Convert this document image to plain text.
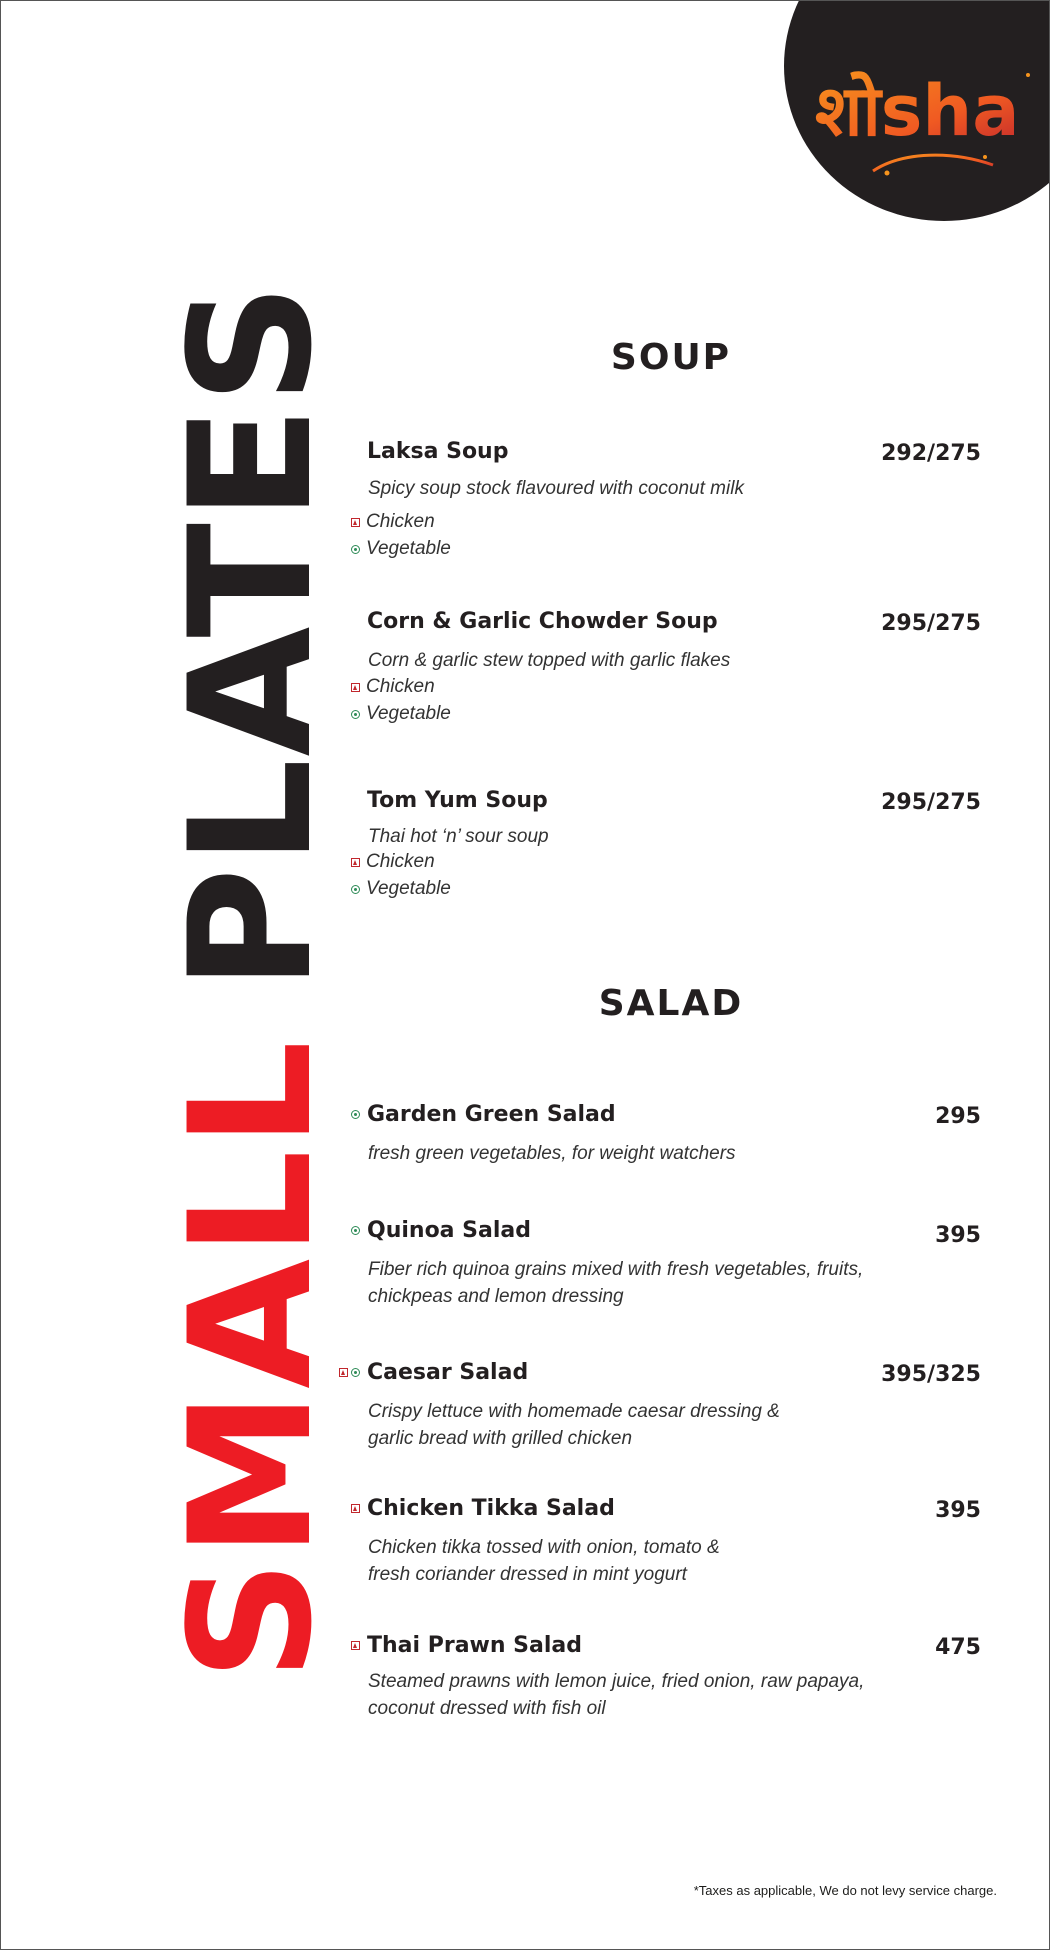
शोsha
SMALLPLATES	SOUP
Laksa Soup	292/275
Spicy soup stock flavoured with coconut milk
Chicken
Vegetable
Corn & Garlic Chowder Soup	295/275
Corn & garlic stew topped with garlic flakes
Chicken
Vegetable
Tom Yum Soup	295/275
Thai hot ‘n’ sour soup
Chicken
Vegetable
SALAD
Garden Green Salad	295
fresh green vegetables, for weight watchers
Quinoa Salad	395
Fiber rich quinoa grains mixed with fresh vegetables, fruits,
chickpeas and lemon dressing
Caesar Salad	395/325
Crispy lettuce with homemade caesar dressing &
garlic bread with grilled chicken
Chicken Tikka Salad	395
Chicken tikka tossed with onion, tomato &
fresh coriander dressed in mint yogurt
Thai Prawn Salad	475
Steamed prawns with lemon juice, fried onion, raw papaya,
coconut dressed with fish oil
*Taxes as applicable, We do not levy service charge.
